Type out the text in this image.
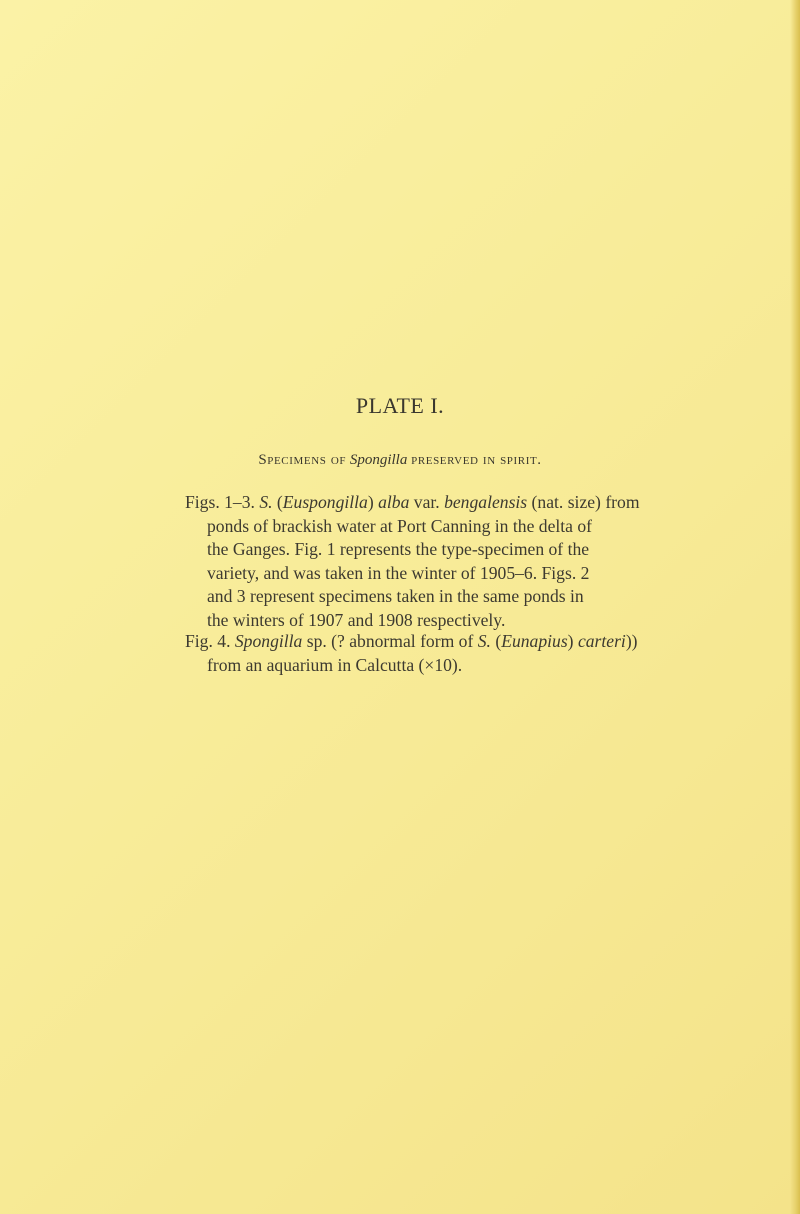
PLATE I.
Specimens of Spongilla preserved in spirit.
Figs. 1–3. S. (Euspongilla) alba var. bengalensis (nat. size) from
ponds of brackish water at Port Canning in the delta of
the Ganges. Fig. 1 represents the type-specimen of the
variety, and was taken in the winter of 1905–6. Figs. 2
and 3 represent specimens taken in the same ponds in
the winters of 1907 and 1908 respectively.
Fig. 4. Spongilla sp. (? abnormal form of S. (Eunapius) carteri))
from an aquarium in Calcutta (×10).
